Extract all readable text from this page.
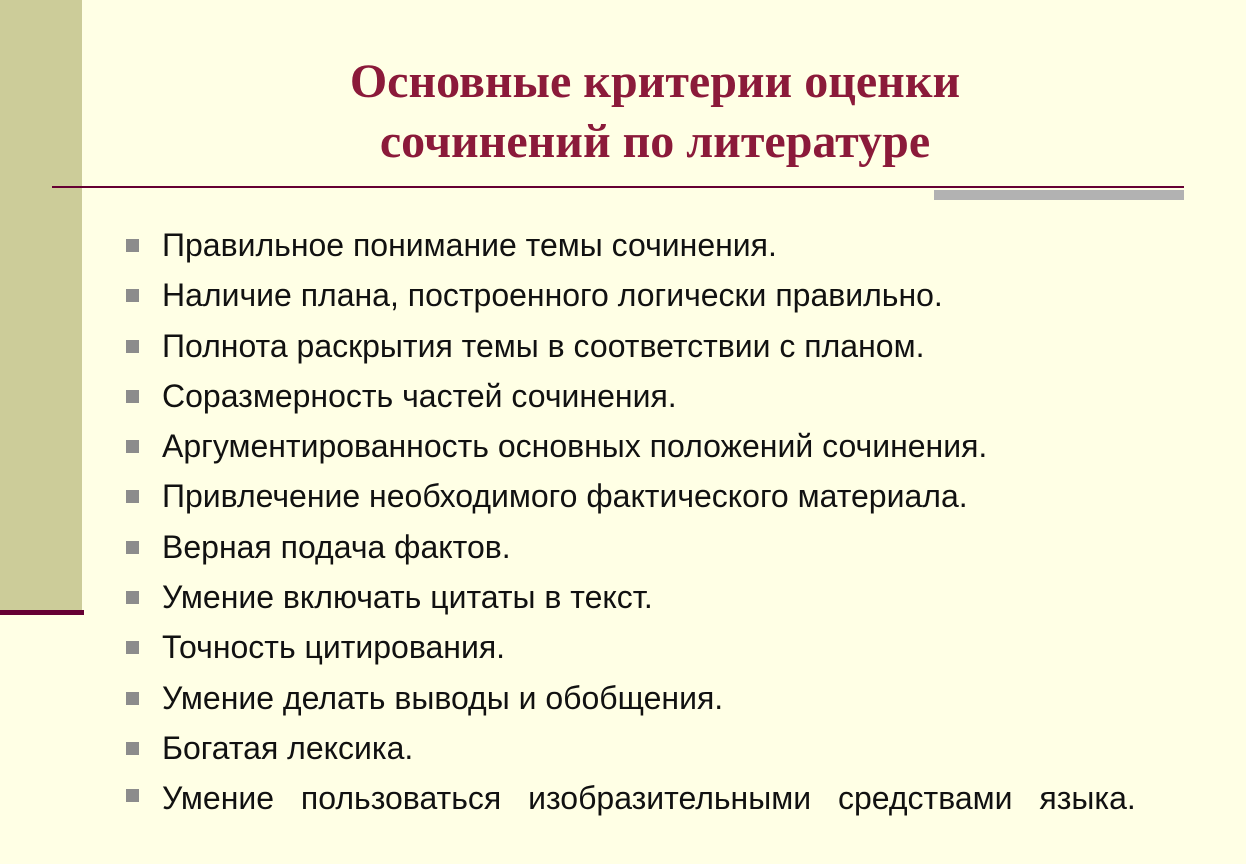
Основные критерии оценки
сочинений по литературе
Правильное понимание темы сочинения.
Наличие плана, построенного логически правильно.
Полнота раскрытия темы в соответствии с планом.
Соразмерность частей сочинения.
Аргументированность основных положений сочинения.
Привлечение необходимого фактического материала.
Верная подача фактов.
Умение включать цитаты в текст.
Точность цитирования.
Умение делать выводы и обобщения.
Богатая лексика.
Умение пользоваться изобразительными средствами языка.
